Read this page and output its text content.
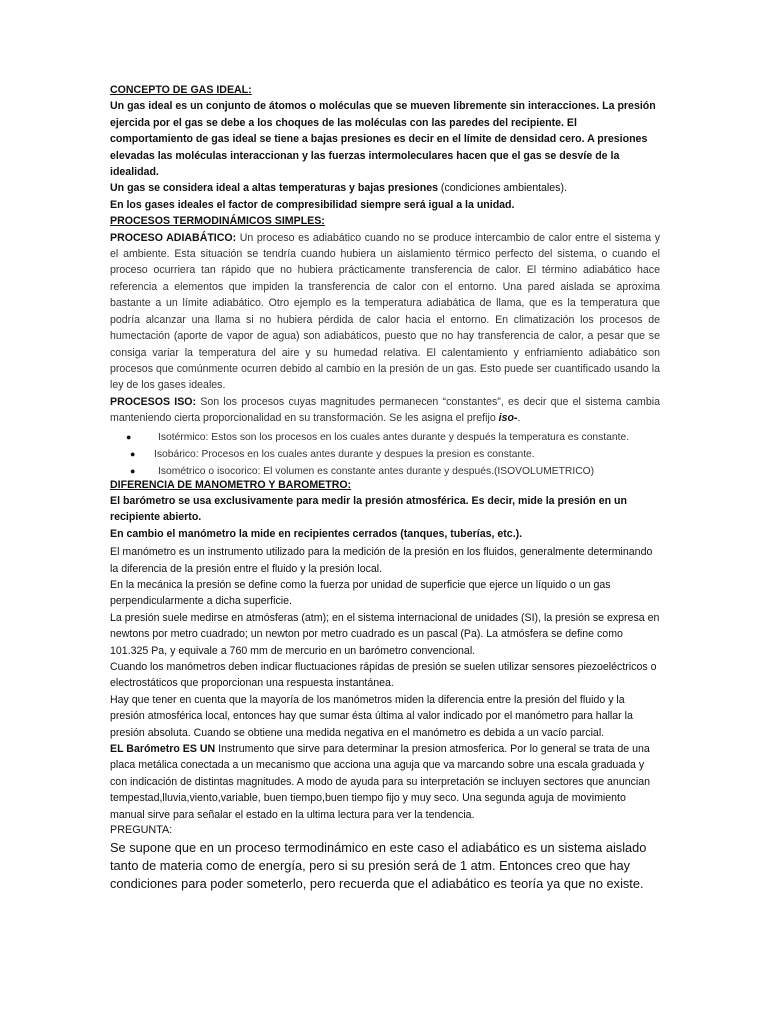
CONCEPTO DE GAS IDEAL:

Un gas ideal es un conjunto de átomos o moléculas que se mueven libremente sin interacciones. La presión ejercida por el gas se debe a los choques de las moléculas con las paredes del recipiente. El comportamiento de gas ideal se tiene a bajas presiones es decir en el límite de densidad cero. A presiones elevadas las moléculas interaccionan y las fuerzas intermoleculares hacen que el gas se desvíe de la idealidad.

Un gas se considera ideal a altas temperaturas y bajas presiones (condiciones ambientales).

En los gases ideales el factor de compresibilidad siempre será igual a la unidad.

PROCESOS TERMODINÁMICOS SIMPLES:

PROCESO ADIABÁTICO: Un proceso es adiabático cuando no se produce intercambio de calor entre el sistema y el ambiente. Esta situación se tendría cuando hubiera un aislamiento térmico perfecto del sistema, o cuando el proceso ocurriera tan rápido que no hubiera prácticamente transferencia de calor. El término adiabático hace referencia a elementos que impiden la transferencia de calor con el entorno. Una pared aislada se aproxima bastante a un límite adiabático. Otro ejemplo es la temperatura adiabática de llama, que es la temperatura que podría alcanzar una llama si no hubiera pérdida de calor hacia el entorno. En climatización los procesos de humectación (aporte de vapor de agua) son adiabáticos, puesto que no hay transferencia de calor, a pesar que se consiga variar la temperatura del aire y su humedad relativa. El calentamiento y enfriamiento adiabático son procesos que comúnmente ocurren debido al cambio en la presión de un gas. Esto puede ser cuantificado usando la ley de los gases ideales.

PROCESOS ISO: Son los procesos cuyas magnitudes permanecen “constantes”, es decir que el sistema cambia manteniendo cierta proporcionalidad en su transformación. Se les asigna el prefijo iso-.

●	Isotérmico: Estos son los procesos en los cuales antes durante y después la temperatura es constante.
● Isobárico: Procesos en los cuales antes durante y despues la presion es constante.
● Isométrico o isocorico: El volumen es constante antes durante y después.(ISOVOLUMETRICO)

DIFERENCIA DE MANOMETRO Y BAROMETRO:

El barómetro se usa exclusivamente para medir la presión atmosférica. Es decir, mide la presión en un recipiente abierto.

En cambio el manómetro la mide en recipientes cerrados (tanques, tuberías, etc.).

El manómetro es un instrumento utilizado para la medición de la presión en los fluidos, generalmente determinando la diferencia de la presión entre el fluido y la presión local.

En la mecánica la presión se define como la fuerza por unidad de superficie que ejerce un líquido o un gas perpendicularmente a dicha superficie.

La presión suele medirse en atmósferas (atm); en el sistema internacional de unidades (SI), la presión se expresa en newtons por metro cuadrado; un newton por metro cuadrado es un pascal (Pa). La atmósfera se define como 101.325 Pa, y equivale a 760 mm de mercurio en un barómetro convencional.

Cuando los manómetros deben indicar fluctuaciones rápidas de presión se suelen utilizar sensores piezoeléctricos o electrostáticos que proporcionan una respuesta instantánea.

Hay que tener en cuenta que la mayoría de los manómetros miden la diferencia entre la presión del fluido y la presión atmosférica local, entonces hay que sumar ésta última al valor indicado por el manómetro para hallar la presión absoluta. Cuando se obtiene una medida negativa en el manómetro es debida a un vacío parcial.

EL Barómetro ES UN Instrumento que sirve para determinar la presion atmosferica. Por lo general se trata de una placa metálica conectada a un mecanismo que acciona una aguja que va marcando sobre una escala graduada y con indicación de distintas magnitudes. A modo de ayuda para su interpretación se incluyen sectores que anuncian tempestad,lluvia,viento,variable, buen tiempo,buen tiempo fijo y muy seco. Una segunda aguja de movimiento manual sirve para señalar el estado en la ultima lectura para ver la tendencia.

PREGUNTA:

Se supone que en un proceso termodinámico en este caso el adiabático es un sistema aislado tanto de materia como de energía, pero si su presión será de 1 atm. Entonces creo que hay condiciones para poder someterlo, pero recuerda que el adiabático es teoría ya que no existe.
